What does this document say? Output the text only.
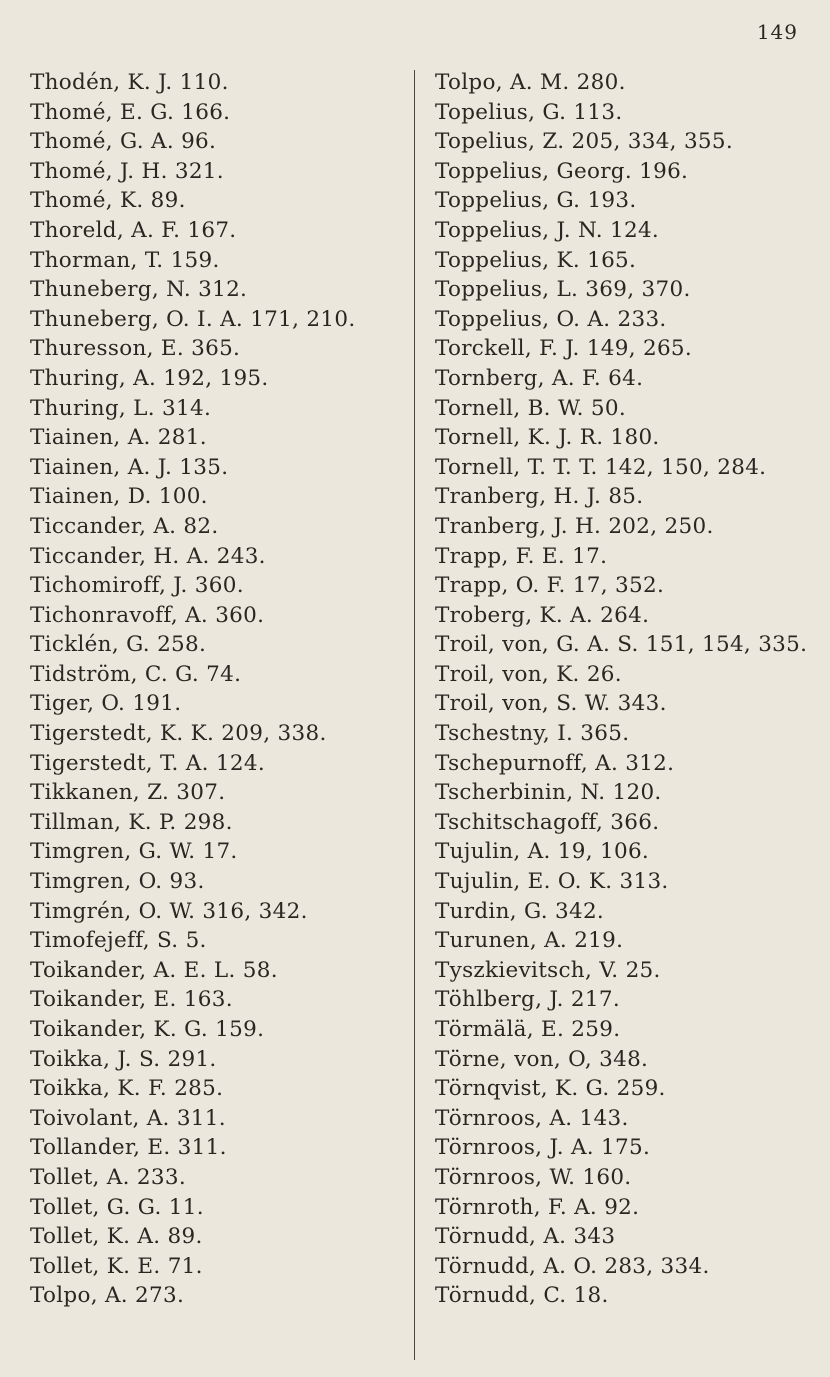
149
Thodén, K. J. 110.
Thomé, E. G. 166.
Thomé, G. A. 96.
Thomé, J. H. 321.
Thomé, K. 89.
Thoreld, A. F. 167.
Thorman, T. 159.
Thuneberg, N. 312.
Thuneberg, O. I. A. 171, 210.
Thuresson, E. 365.
Thuring, A. 192, 195.
Thuring, L. 314.
Tiainen, A. 281.
Tiainen, A. J. 135.
Tiainen, D. 100.
Ticcander, A. 82.
Ticcander, H. A. 243.
Tichomiroff, J. 360.
Tichonravoff, A. 360.
Ticklén, G. 258.
Tidström, C. G. 74.
Tiger, O. 191.
Tigerstedt, K. K. 209, 338.
Tigerstedt, T. A. 124.
Tikkanen, Z. 307.
Tillman, K. P. 298.
Timgren, G. W. 17.
Timgren, O. 93.
Timgrén, O. W. 316, 342.
Timofejeff, S. 5.
Toikander, A. E. L. 58.
Toikander, E. 163.
Toikander, K. G. 159.
Toikka, J. S. 291.
Toikka, K. F. 285.
Toivolant, A. 311.
Tollander, E. 311.
Tollet, A. 233.
Tollet, G. G. 11.
Tollet, K. A. 89.
Tollet, K. E. 71.
Tolpo, A. 273.
Tolpo, A. M. 280.
Topelius, G. 113.
Topelius, Z. 205, 334, 355.
Toppelius, Georg. 196.
Toppelius, G. 193.
Toppelius, J. N. 124.
Toppelius, K. 165.
Toppelius, L. 369, 370.
Toppelius, O. A. 233.
Torckell, F. J. 149, 265.
Tornberg, A. F. 64.
Tornell, B. W. 50.
Tornell, K. J. R. 180.
Tornell, T. T. T. 142, 150, 284.
Tranberg, H. J. 85.
Tranberg, J. H. 202, 250.
Trapp, F. E. 17.
Trapp, O. F. 17, 352.
Troberg, K. A. 264.
Troil, von, G. A. S. 151, 154, 335.
Troil, von, K. 26.
Troil, von, S. W. 343.
Tschestny, I. 365.
Tschepurnoff, A. 312.
Tscherbinin, N. 120.
Tschitschagoff, 366.
Tujulin, A. 19, 106.
Tujulin, E. O. K. 313.
Turdin, G. 342.
Turunen, A. 219.
Tyszkievitsch, V. 25.
Töhlberg, J. 217.
Törmälä, E. 259.
Törne, von, O, 348.
Törnqvist, K. G. 259.
Törnroos, A. 143.
Törnroos, J. A. 175.
Törnroos, W. 160.
Törnroth, F. A. 92.
Törnudd, A. 343
Törnudd, A. O. 283, 334.
Törnudd, C. 18.
